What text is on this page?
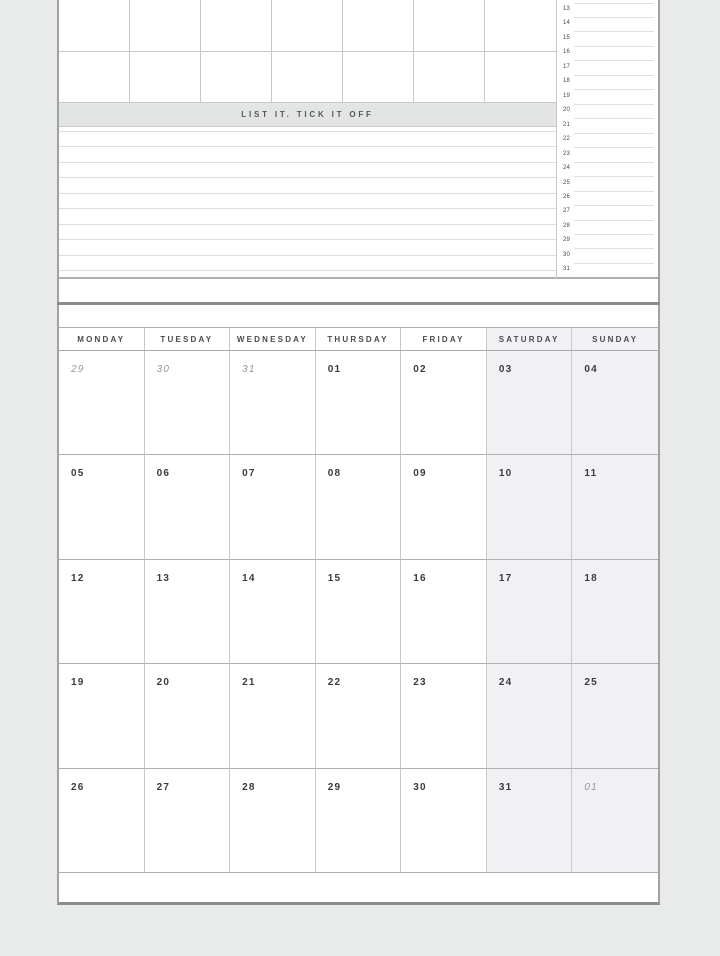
LIST IT. TICK IT OFF
13
14
15
16
17
18
19
20
21
22
23
24
25
26
27
28
29
30
31
MONDAY	TUESDAY	WEDNESDAY	THURSDAY	FRIDAY	SATURDAY	SUNDAY
29	30	31	01	02	03	04
05	06	07	08	09	10	11
12	13	14	15	16	17	18
19	20	21	22	23	24	25
26	27	28	29	30	31	01
